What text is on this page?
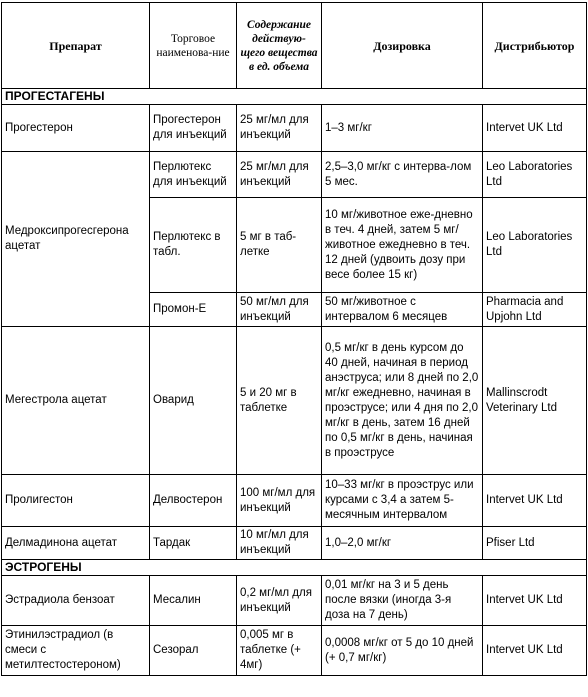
Препарат	Торговое наименова-ние	Содержание действую-щего вещества в ед. объема	Дозировка	Дистрибьютор
ПРОГЕСТАГЕНЫ				
Прогестерон	Прогестерон для инъекций	25 мг/мл для инъекций	1–3 мг/кг	Intervet UK Ltd
Медроксипрогесгерона ацетат	Перлютекс для инъекций	25 мг/мл для инъекций	2,5–3,0 мг/кг с интерва-лом 5 мес.	Leo Laboratories Ltd
	Перлютекс в табл.	5 мг в таб-летке	10 мг/животное еже-дневно в теч. 4 дней, затем 5 мг/животное ежедневно в теч. 12 дней (удвоить дозу при весе более 15 кг)	Leo Laboratories Ltd
	Промон-Е	50 мг/мл для инъекций	50 мг/животное с интервалом 6 месяцев	Pharmacia and Upjohn Ltd
Мегестрола ацетат	Оварид	5 и 20 мг в таблетке	0,5 мг/кг в день курсом до 40 дней, начиная в период анэструса; или 8 дней по 2,0 мг/кг ежедневно, начиная в проэструсе; или 4 дня по 2,0 мг/кг в день, затем 16 дней по 0,5 мг/кг в день, начиная в проэструсе	Mallinscrodt Veterinary Ltd
Пролигестон	Делвостерон	100 мг/мл для инъекций	10–33 мг/кг в проэструс или курсами с 3,4 а затем 5-месячным интервалом	Intervet UK Ltd
Делмадинона ацетат	Тардак	10 мг/мл для инъекций	1,0–2,0 мг/кг	Pfiser Ltd
ЭСТРОГЕНЫ				
Эстрадиола бензоат	Месалин	0,2 мг/мл для инъекций	0,01 мг/кг на 3 и 5 день после вязки (иногда 3-я доза на 7 день)	Intervet UK Ltd
Этинилэстрадиол (в смеси с метилтестостероном)	Сезорал	0,005 мг в таблетке (+ 4мг)	0,0008 мг/кг от 5 до 10 дней (+ 0,7 мг/кг)	Intervet UK Ltd
